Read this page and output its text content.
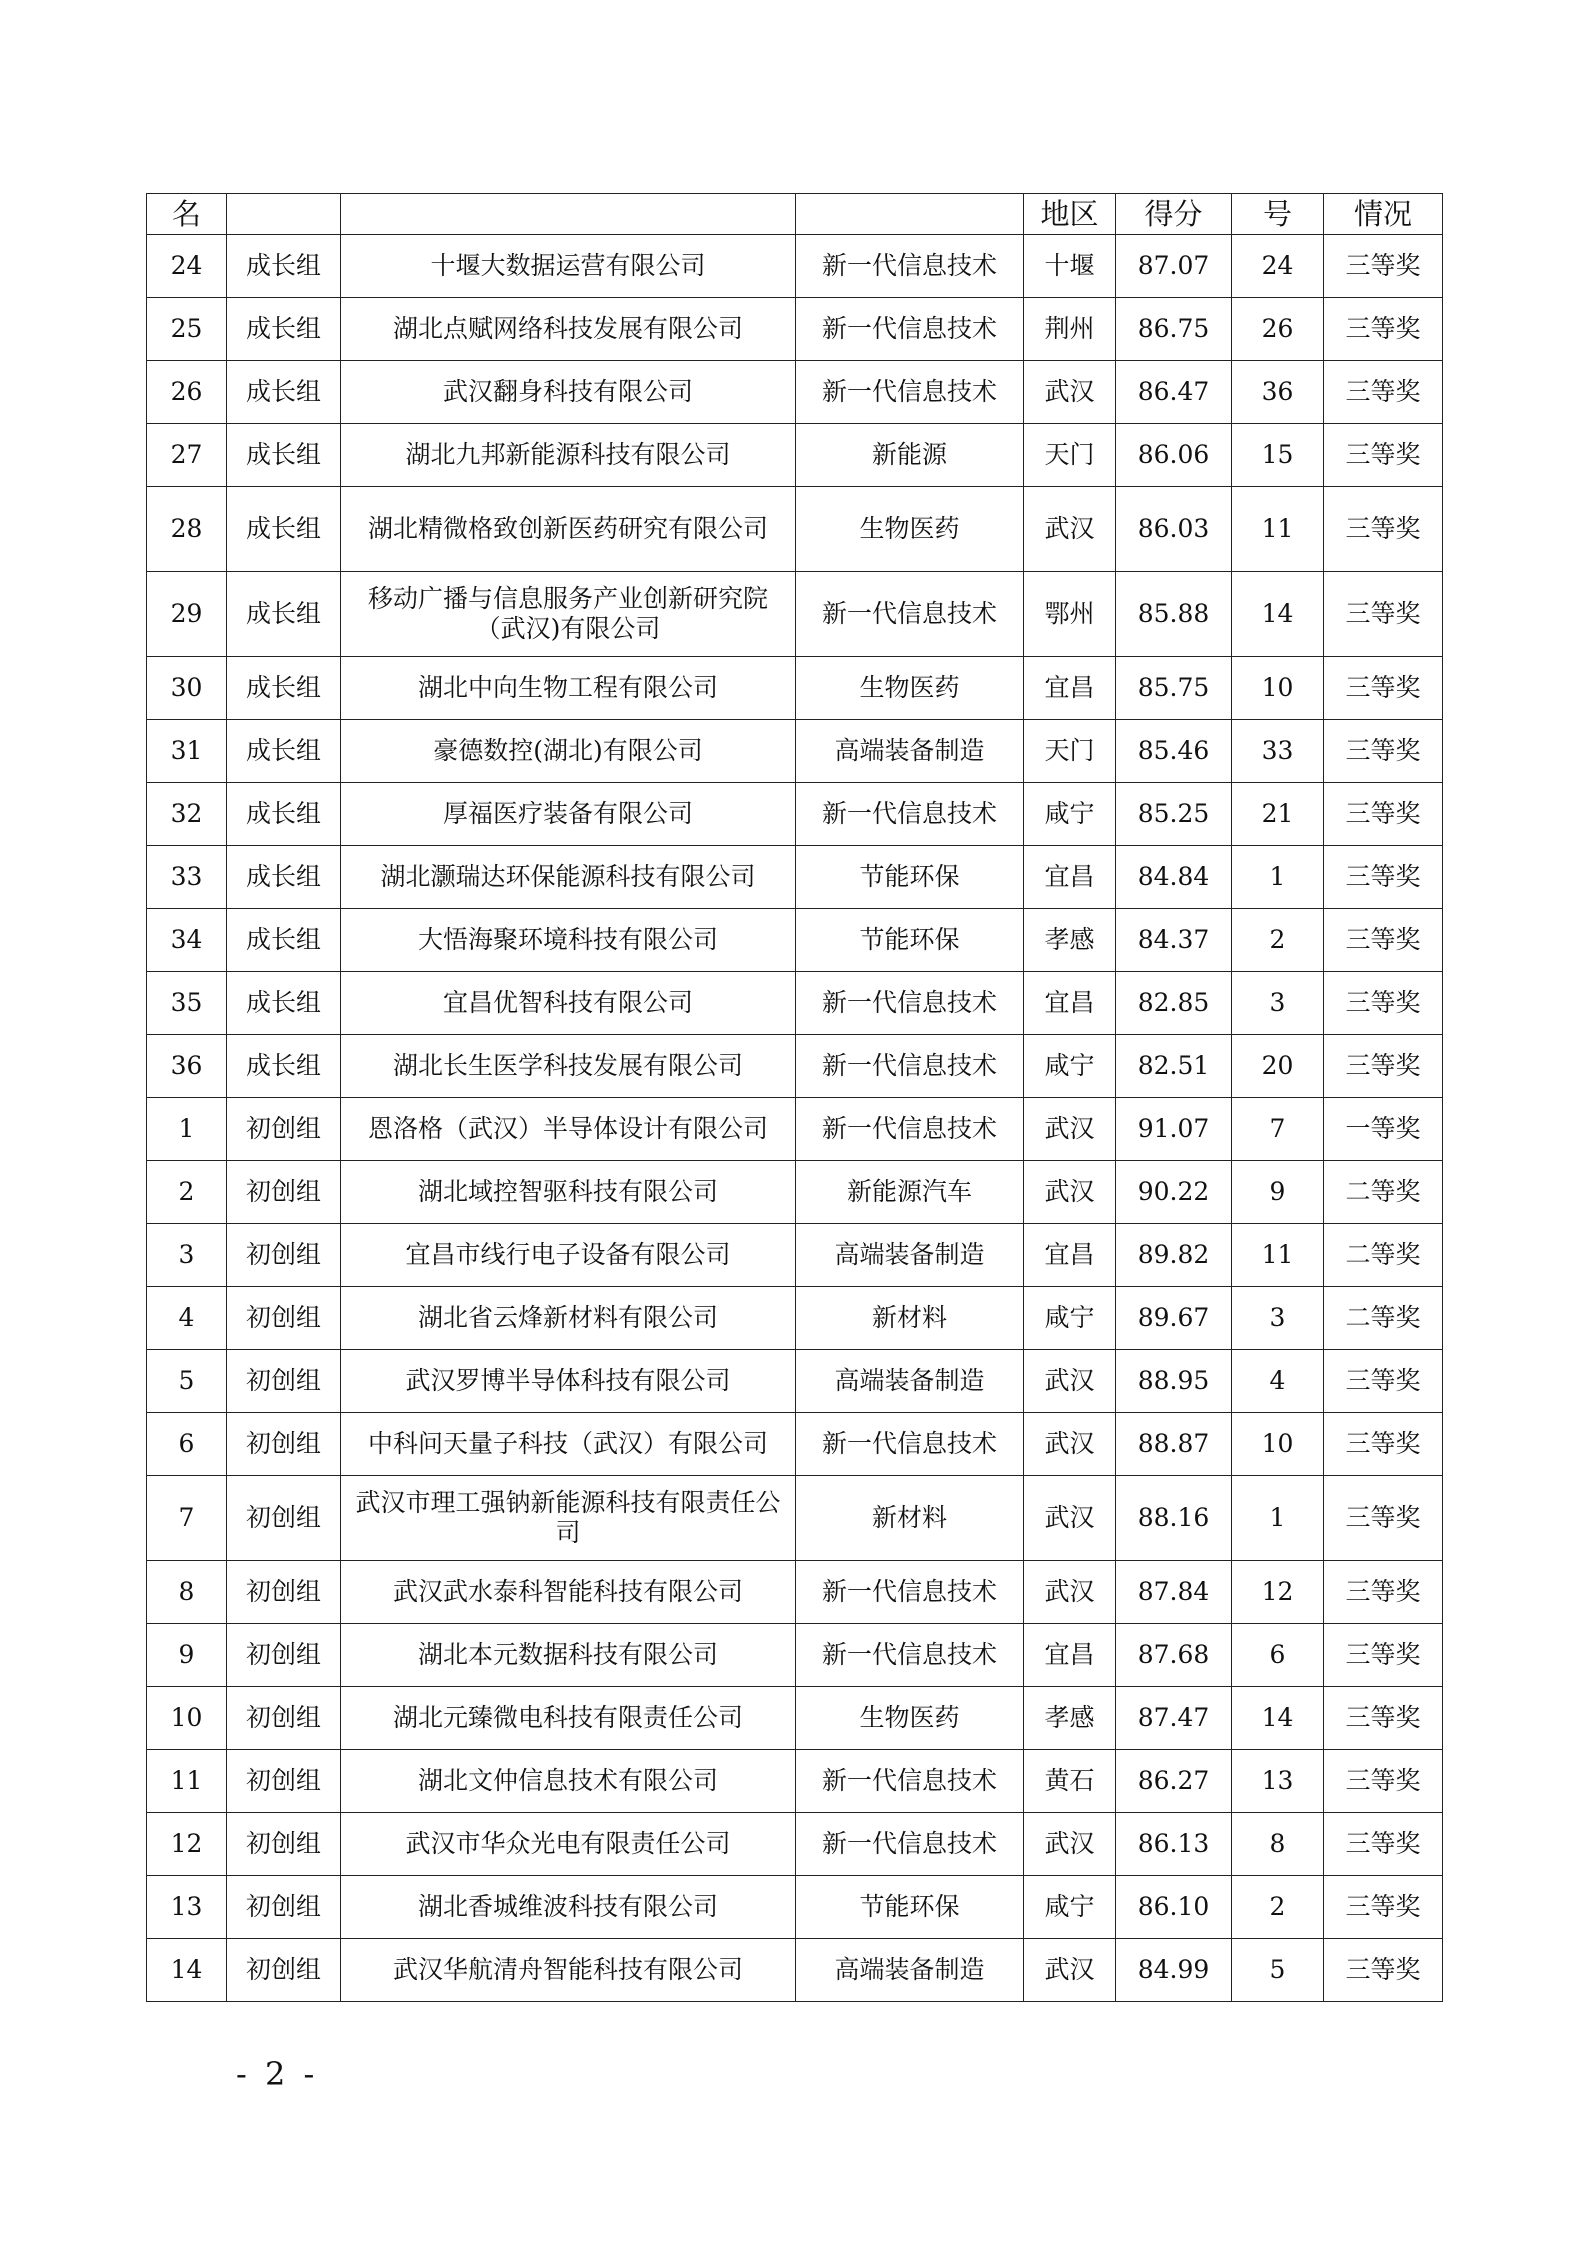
名				地区	得分	号	情况
24	成长组	十堰大数据运营有限公司	新一代信息技术	十堰	87.07	24	三等奖
25	成长组	湖北点赋网络科技发展有限公司	新一代信息技术	荆州	86.75	26	三等奖
26	成长组	武汉翻身科技有限公司	新一代信息技术	武汉	86.47	36	三等奖
27	成长组	湖北九邦新能源科技有限公司	新能源	天门	86.06	15	三等奖
28	成长组	湖北精微格致创新医药研究有限公司	生物医药	武汉	86.03	11	三等奖
29	成长组	移动广播与信息服务产业创新研究院（武汉)有限公司	新一代信息技术	鄂州	85.88	14	三等奖
30	成长组	湖北中向生物工程有限公司	生物医药	宜昌	85.75	10	三等奖
31	成长组	豪德数控(湖北)有限公司	高端装备制造	天门	85.46	33	三等奖
32	成长组	厚福医疗装备有限公司	新一代信息技术	咸宁	85.25	21	三等奖
33	成长组	湖北灏瑞达环保能源科技有限公司	节能环保	宜昌	84.84	1	三等奖
34	成长组	大悟海聚环境科技有限公司	节能环保	孝感	84.37	2	三等奖
35	成长组	宜昌优智科技有限公司	新一代信息技术	宜昌	82.85	3	三等奖
36	成长组	湖北长生医学科技发展有限公司	新一代信息技术	咸宁	82.51	20	三等奖
1	初创组	恩洛格（武汉）半导体设计有限公司	新一代信息技术	武汉	91.07	7	一等奖
2	初创组	湖北域控智驱科技有限公司	新能源汽车	武汉	90.22	9	二等奖
3	初创组	宜昌市线行电子设备有限公司	高端装备制造	宜昌	89.82	11	二等奖
4	初创组	湖北省云烽新材料有限公司	新材料	咸宁	89.67	3	二等奖
5	初创组	武汉罗博半导体科技有限公司	高端装备制造	武汉	88.95	4	三等奖
6	初创组	中科问天量子科技（武汉）有限公司	新一代信息技术	武汉	88.87	10	三等奖
7	初创组	武汉市理工强钠新能源科技有限责任公司	新材料	武汉	88.16	1	三等奖
8	初创组	武汉武水泰科智能科技有限公司	新一代信息技术	武汉	87.84	12	三等奖
9	初创组	湖北本元数据科技有限公司	新一代信息技术	宜昌	87.68	6	三等奖
10	初创组	湖北元臻微电科技有限责任公司	生物医药	孝感	87.47	14	三等奖
11	初创组	湖北文仲信息技术有限公司	新一代信息技术	黄石	86.27	13	三等奖
12	初创组	武汉市华众光电有限责任公司	新一代信息技术	武汉	86.13	8	三等奖
13	初创组	湖北香城维波科技有限公司	节能环保	咸宁	86.10	2	三等奖
14	初创组	武汉华航清舟智能科技有限公司	高端装备制造	武汉	84.99	5	三等奖
- 2 -
